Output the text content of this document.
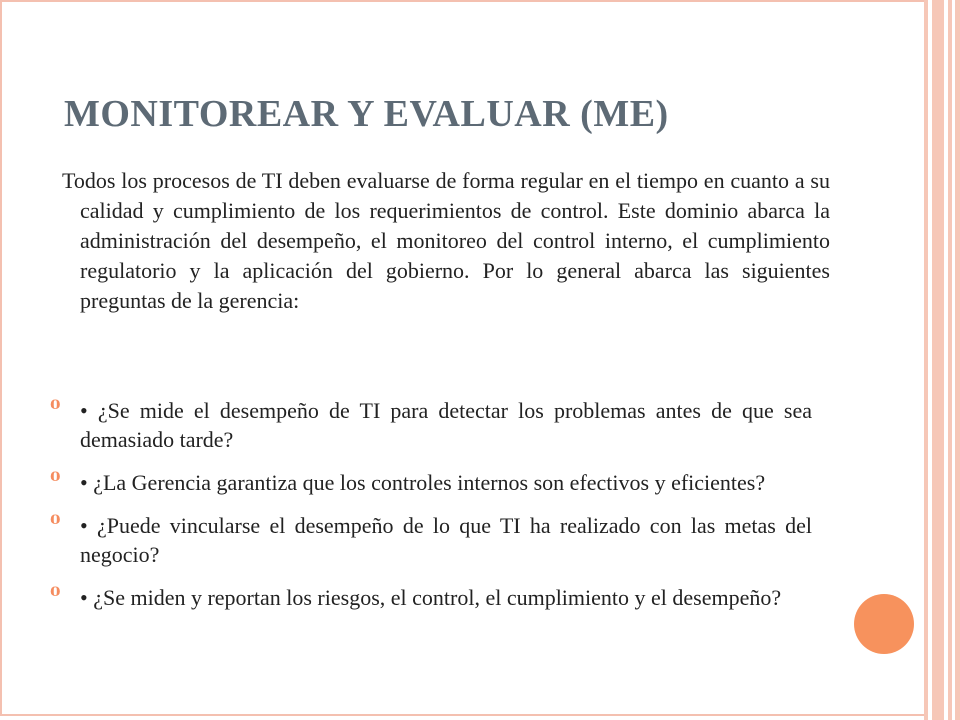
MONITOREAR Y EVALUAR (ME)
Todos los procesos de TI deben evaluarse de forma regular en el tiempo en cuanto a su calidad y cumplimiento de los requerimientos de control. Este dominio abarca la administración del desempeño, el monitoreo del control interno, el cumplimiento regulatorio y la aplicación del gobierno. Por lo general abarca las siguientes preguntas de la gerencia:
⁰ • ¿Se mide el desempeño de TI para detectar los problemas antes de que sea demasiado tarde?
⁰ • ¿La Gerencia garantiza que los controles internos son efectivos y eficientes?
⁰ • ¿Puede vincularse el desempeño de lo que TI ha realizado con las metas del negocio?
⁰ • ¿Se miden y reportan los riesgos, el control, el cumplimiento y el desempeño?
